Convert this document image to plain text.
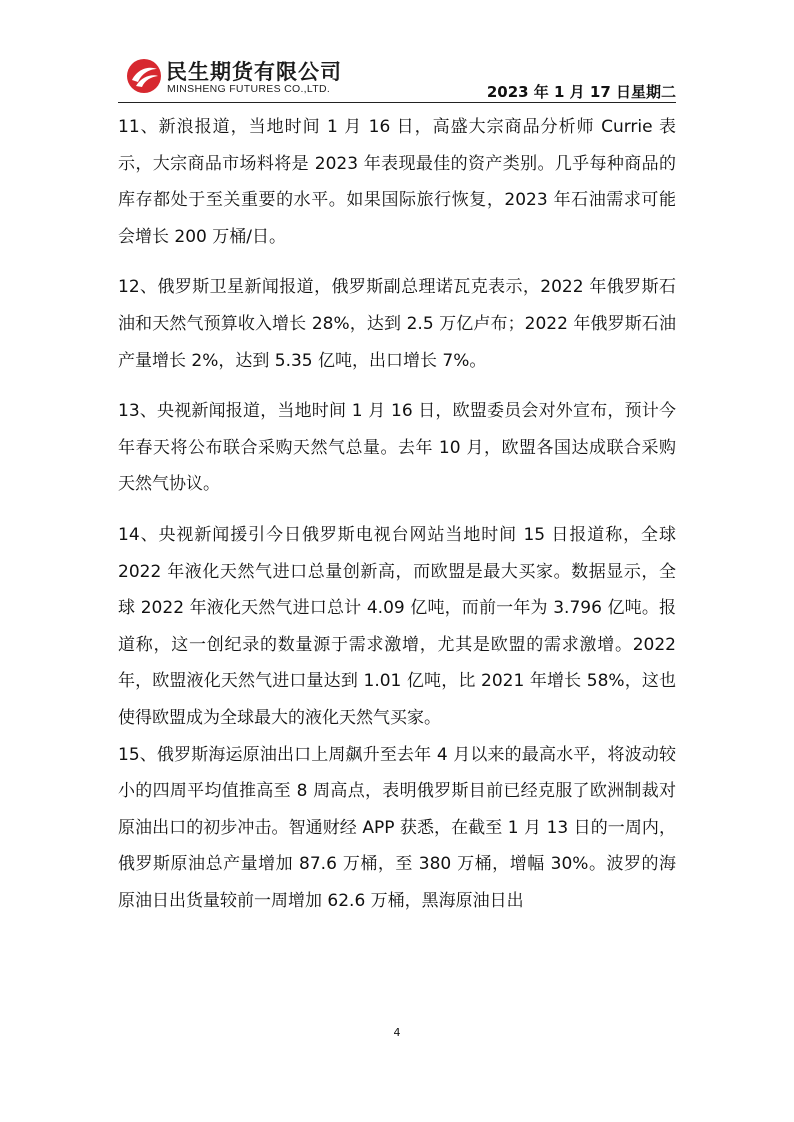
民生期货有限公司
MINSHENG FUTURES CO.,LTD.	2023 年 1 月 17 日星期二

11、新浪报道，当地时间 1 月 16 日，高盛大宗商品分析师 Currie 表示，大宗商品市场料将是 2023 年表现最佳的资产类别。几乎每种商品的库存都处于至关重要的水平。如果国际旅行恢复，2023 年石油需求可能会增长 200 万桶/日。

12、俄罗斯卫星新闻报道，俄罗斯副总理诺瓦克表示，2022 年俄罗斯石油和天然气预算收入增长 28%，达到 2.5 万亿卢布；2022 年俄罗斯石油产量增长 2%，达到 5.35 亿吨，出口增长 7%。

13、央视新闻报道，当地时间 1 月 16 日，欧盟委员会对外宣布，预计今年春天将公布联合采购天然气总量。去年 10 月，欧盟各国达成联合采购天然气协议。

14、央视新闻援引今日俄罗斯电视台网站当地时间 15 日报道称，全球 2022 年液化天然气进口总量创新高，而欧盟是最大买家。数据显示，全球 2022 年液化天然气进口总计 4.09 亿吨，而前一年为 3.796 亿吨。报道称，这一创纪录的数量源于需求激增，尤其是欧盟的需求激增。2022 年，欧盟液化天然气进口量达到 1.01 亿吨，比 2021 年增长 58%，这也使得欧盟成为全球最大的液化天然气买家。

15、俄罗斯海运原油出口上周飙升至去年 4 月以来的最高水平，将波动较小的四周平均值推高至 8 周高点，表明俄罗斯目前已经克服了欧洲制裁对原油出口的初步冲击。智通财经 APP 获悉，在截至 1 月 13 日的一周内，俄罗斯原油总产量增加 87.6 万桶，至 380 万桶，增幅 30%。波罗的海原油日出货量较前一周增加 62.6 万桶，黑海原油日出

4
